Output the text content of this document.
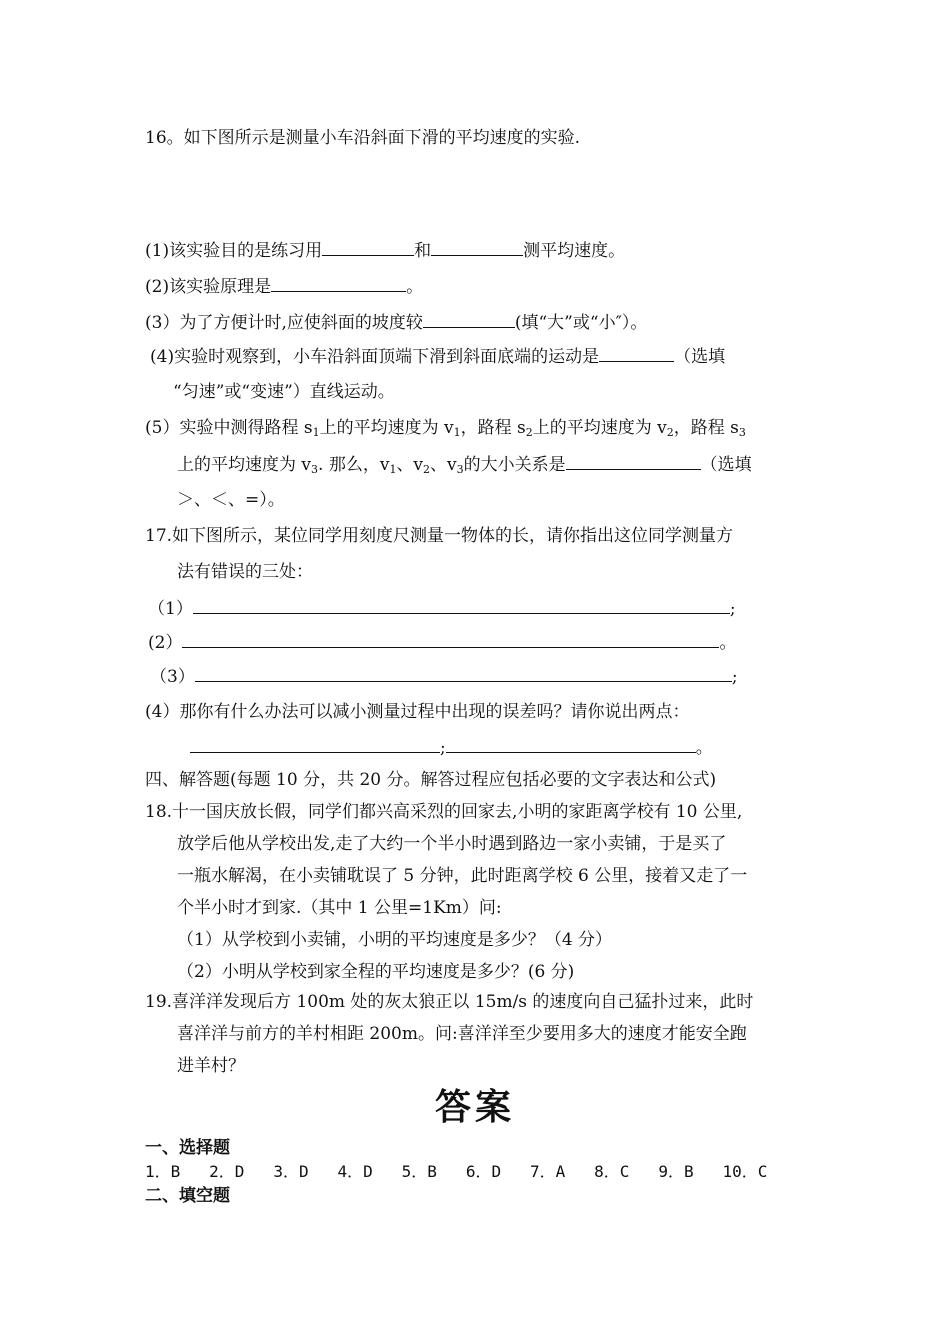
16。如下图所示是测量小车沿斜面下滑的平均速度的实验.
(1)该实验目的是练习用	和	测平均速度。
(2)该实验原理是	。
(3）为了方便计时,应使斜面的坡度较	(填“大”或“小″）。
(4)实验时观察到，小车沿斜面顶端下滑到斜面底端的运动是	（选填
“匀速”或“变速”）直线运动。
(5）实验中测得路程 $s_1$上的平均速度为 $v_1$，路程 $s_2$上的平均速度为 $v_2$，路程 $s_3$
上的平均速度为 $v_3$. 那么，$v_1$、$v_2$、$v_3$的大小关系是	（选填
＞、＜、=）。
17.如下图所示，某位同学用刻度尺测量一物体的长，请你指出这位同学测量方
法有错误的三处：
（1）	;
(2）	。
（3）	;
(4）那你有什么办法可以减小测量过程中出现的误差吗？请你说出两点：
;	。
四、解答题(每题 10 分，共 20 分。解答过程应包括必要的文字表达和公式)
18.十一国庆放长假，同学们都兴高采烈的回家去,小明的家距离学校有 10 公里,
放学后他从学校出发,走了大约一个半小时遇到路边一家小卖铺，于是买了
一瓶水解渴，在小卖铺耽误了 5 分钟，此时距离学校 6 公里，接着又走了一
个半小时才到家.（其中 1 公里=1Km）问:
（1）从学校到小卖铺，小明的平均速度是多少？（4 分）
（2）小明从学校到家全程的平均速度是多少？(6 分)
19.喜洋洋发现后方 100m 处的灰太狼正以 15m/s 的速度向自己猛扑过来，此时
喜洋洋与前方的羊村相距 200m。问:喜洋洋至少要用多大的速度才能安全跑
进羊村？
答案
一、选择题
1．B   2．D   3．D   4．D   5．B   6．D   7．A   8．C   9．B   10．C
二、填空题
